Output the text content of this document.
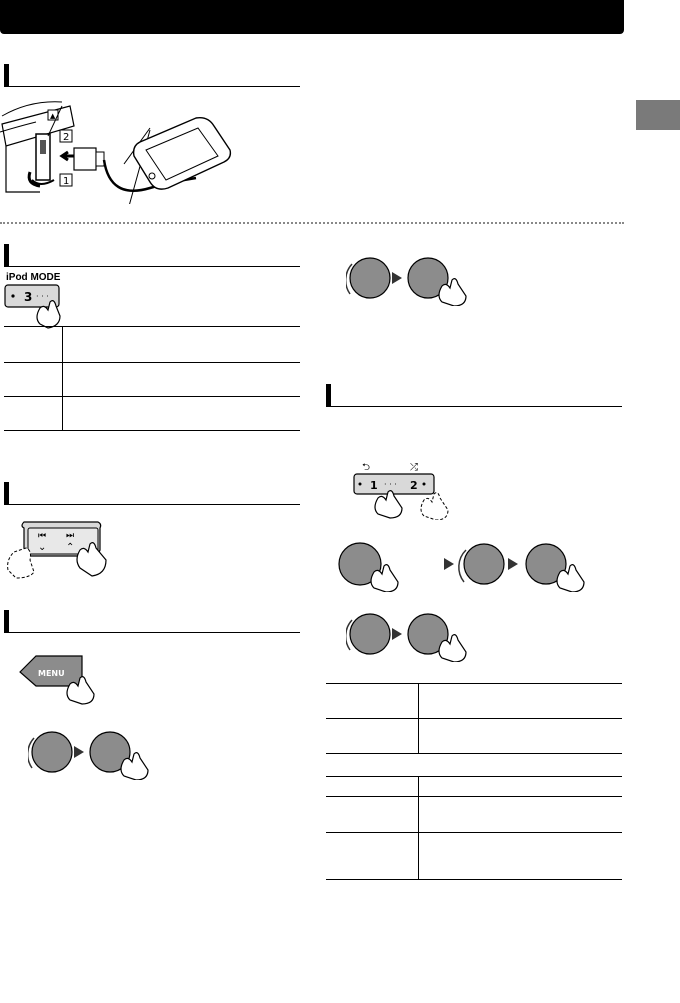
▲
2
1
iPod MODE
3 · · ·
⏮ ⏭
⌄ ⌃
MENU
⮌	⤮
1 · · · 2
